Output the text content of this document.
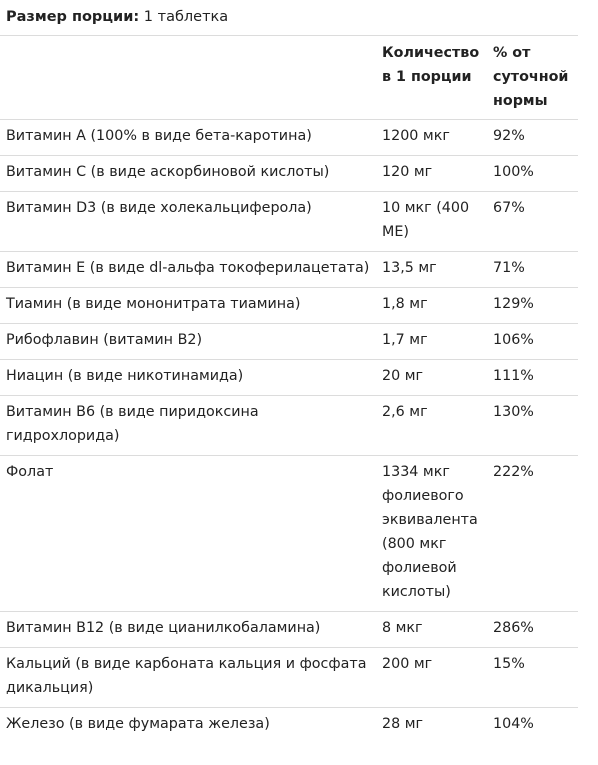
Размер порции: 1 таблетка
	Количество в 1 порции	% от суточной нормы
Витамин A (100% в виде бета-каротина)	1200 мкг	92%
Витамин C (в виде аскорбиновой кислоты)	120 мг	100%
Витамин D3 (в виде холекальциферола)	10 мкг (400 МЕ)	67%
Витамин E (в виде dl-альфа токоферилацетата)	13,5 мг	71%
Тиамин (в виде мононитрата тиамина)	1,8 мг	129%
Рибофлавин (витамин B2)	1,7 мг	106%
Ниацин (в виде никотинамида)	20 мг	111%
Витамин B6 (в виде пиридоксина гидрохлорида)	2,6 мг	130%
Фолат	1334 мкг фолиевого эквивалента (800 мкг фолиевой кислоты)	222%
Витамин B12 (в виде цианилкобаламина)	8 мкг	286%
Кальций (в виде карбоната кальция и фосфата дикальция)	200 мг	15%
Железо (в виде фумарата железа)	28 мг	104%
